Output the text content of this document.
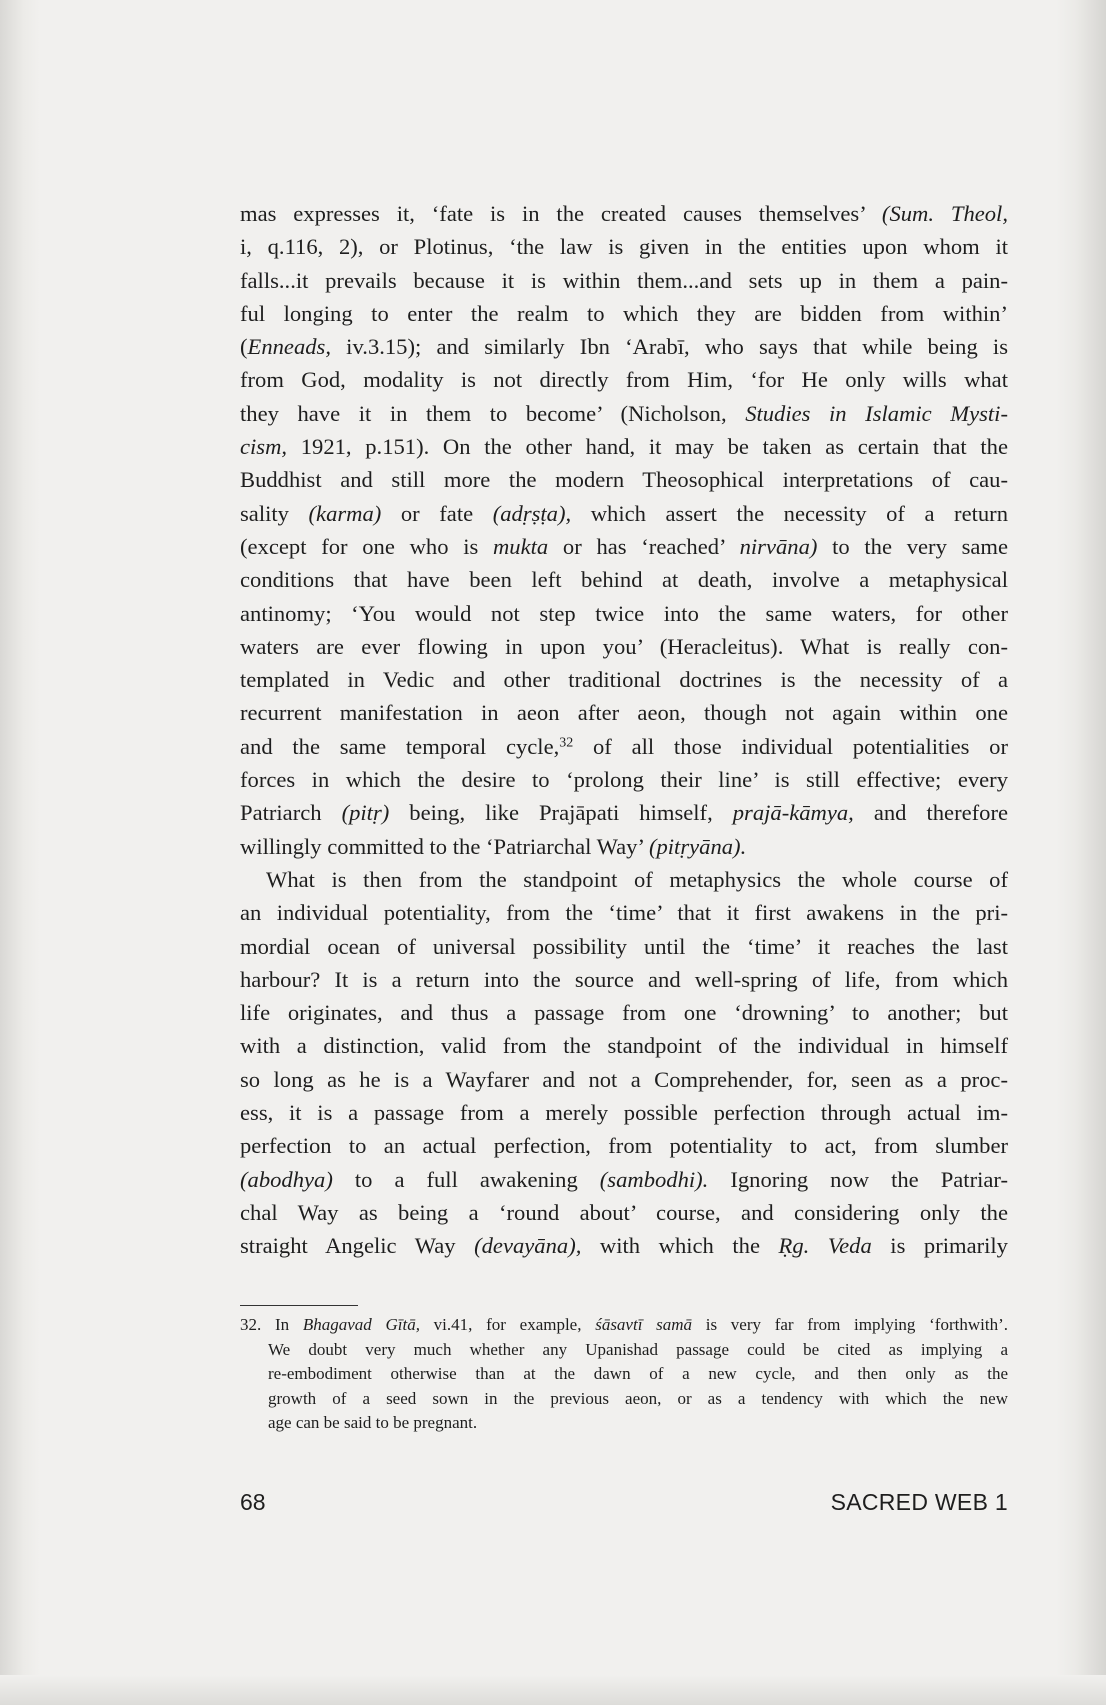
mas expresses it, ‘fate is in the created causes themselves’ (Sum. Theol,
i, q.116, 2), or Plotinus, ‘the law is given in the entities upon whom it
falls...it prevails because it is within them...and sets up in them a pain-
ful longing to enter the realm to which they are bidden from within’
(Enneads, iv.3.15); and similarly Ibn ‘Arabī, who says that while being is
from God, modality is not directly from Him, ‘for He only wills what
they have it in them to become’ (Nicholson, Studies in Islamic Mysti-
cism, 1921, p.151). On the other hand, it may be taken as certain that the
Buddhist and still more the modern Theosophical interpretations of cau-
sality (karma) or fate (adṛṣṭa), which assert the necessity of a return
(except for one who is mukta or has ‘reached’ nirvāna) to the very same
conditions that have been left behind at death, involve a metaphysical
antinomy; ‘You would not step twice into the same waters, for other
waters are ever flowing in upon you’ (Heracleitus). What is really con-
templated in Vedic and other traditional doctrines is the necessity of a
recurrent manifestation in aeon after aeon, though not again within one
and the same temporal cycle,$^{32}$ of all those individual potentialities or
forces in which the desire to ‘prolong their line’ is still effective; every
Patriarch (pitṛ) being, like Prajāpati himself, prajā-kāmya, and therefore
willingly committed to the ‘Patriarchal Way’ (pitṛyāna).
What is then from the standpoint of metaphysics the whole course of
an individual potentiality, from the ‘time’ that it first awakens in the pri-
mordial ocean of universal possibility until the ‘time’ it reaches the last
harbour? It is a return into the source and well-spring of life, from which
life originates, and thus a passage from one ‘drowning’ to another; but
with a distinction, valid from the standpoint of the individual in himself
so long as he is a Wayfarer and not a Comprehender, for, seen as a proc-
ess, it is a passage from a merely possible perfection through actual im-
perfection to an actual perfection, from potentiality to act, from slumber
(abodhya) to a full awakening (sambodhi). Ignoring now the Patriar-
chal Way as being a ‘round about’ course, and considering only the
straight Angelic Way (devayāna), with which the Ṛg. Veda is primarily
32. In Bhagavad Gītā, vi.41, for example, śāsavtī samā is very far from implying ‘forthwith’.
We doubt very much whether any Upanishad passage could be cited as implying a
re-embodiment otherwise than at the dawn of a new cycle, and then only as the
growth of a seed sown in the previous aeon, or as a tendency with which the new
age can be said to be pregnant.
68	SACRED WEB 1
